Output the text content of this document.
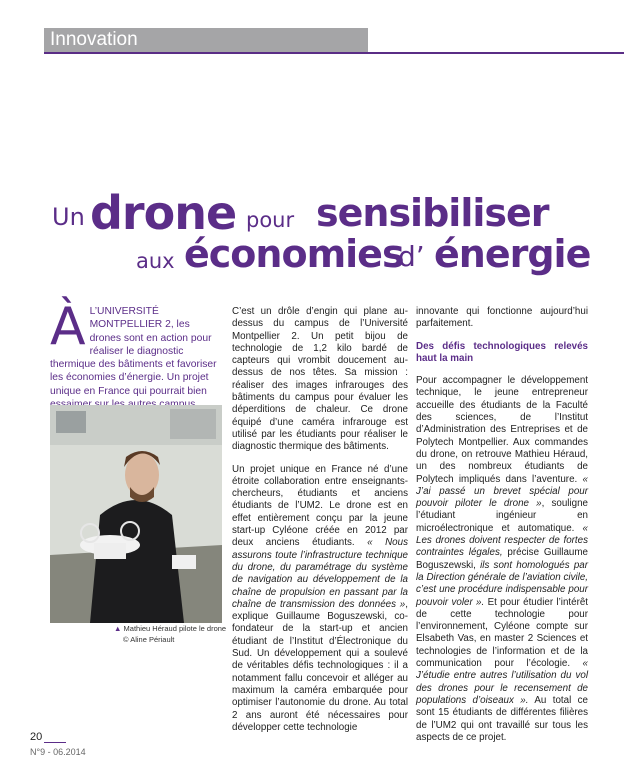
Innovation
Un drone pour sensibiliser
aux économies
d’ énergie
À L’UNIVERSITÉ MONTPELLIER 2, les drones sont en action pour réaliser le diagnostic thermique des bâtiments et favoriser les économies d’énergie. Un projet unique en France qui pourrait bien
▲ Mathieu Héraud pilote le drone
© Aline Périault

C’est un drôle d’engin qui plane au-dessus du campus de l’Université Montpellier 2. Un petit bijou de technologie de 1,2 kilo bardé de capteurs qui vrombit doucement au-dessus de nos têtes. Sa mission : réaliser des images infrarouges des bâtiments du campus pour évaluer les déperditions de chaleur. Ce drone équipé d’une caméra infrarouge est utilisé par les étudiants pour réaliser le diagnostic thermique des bâtiments.

Un projet unique en France né d’une étroite collaboration entre enseignants-chercheurs, étudiants et anciens étudiants de l’UM2. Le drone est en effet entièrement conçu par la jeune start-up Cyléone créée en 2012 par deux anciens étudiants. « Nous assurons toute l’infrastructure technique du drone, du paramétrage du système de navigation au développement de la chaîne de propulsion en passant par la chaîne de transmission des données », explique Guillaume Boguszewski, co-fondateur de la start-up et ancien étudiant de l’Institut d’Électronique du Sud. Un développement qui a soulevé de véritables défis technologiques : il a notamment fallu concevoir et alléger au maximum la caméra embarquée pour optimiser l’autonomie du drone. Au total 2 ans auront été nécessaires pour développer cette technologie

innovante qui fonctionne aujourd’hui parfaitement.

Des défis technologiques relevés haut la main

Pour accompagner le développement technique, le jeune entrepreneur accueille des étudiants de la Faculté des sciences, de l’Institut d’Administration des Entreprises et de Polytech Montpellier. Aux commandes du drone, on retrouve Mathieu Héraud, un des nombreux étudiants de Polytech impliqués dans l’aventure. « J’ai passé un brevet spécial pour pouvoir piloter le drone », souligne l’étudiant ingénieur en microélectronique et automatique. « Les drones doivent respecter de fortes contraintes légales, précise Guillaume Boguszewski, ils sont homologués par la Direction générale de l’aviation civile, c’est une procédure indispensable pour pouvoir voler ». Et pour étudier l’intérêt de cette technologie pour l’environnement, Cyléone compte sur Elsabeth Vas, en master 2 Sciences et technologies de l’information et de la communication pour l’écologie. « J’étudie entre autres l’utilisation du vol des drones pour le recensement de populations d’oiseaux ». Au total ce sont 15 étudiants de différentes filières de l’UM2 qui ont travaillé sur tous les aspects de ce projet.

20
N°9 - 06.2014
